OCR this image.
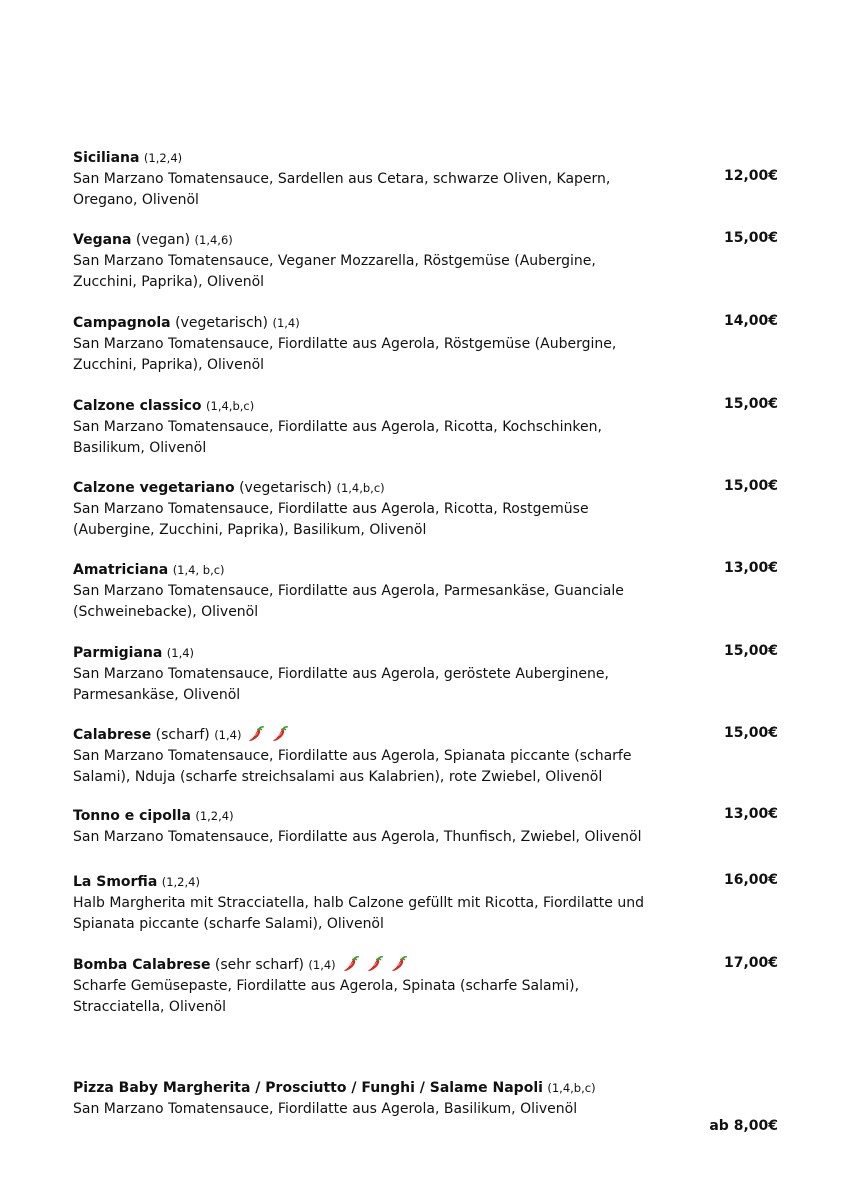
Siciliana (1,2,4)
San Marzano Tomatensauce, Sardellen aus Cetara, schwarze Oliven, Kapern, Oregano, Olivenöl
12,00€
Vegana (vegan) (1,4,6)
San Marzano Tomatensauce, Veganer Mozzarella, Röstgemüse (Aubergine, Zucchini, Paprika), Olivenöl
15,00€
Campagnola (vegetarisch) (1,4)
San Marzano Tomatensauce, Fiordilatte aus Agerola, Röstgemüse (Aubergine, Zucchini, Paprika), Olivenöl
14,00€
Calzone classico (1,4,b,c)
San Marzano Tomatensauce, Fiordilatte aus Agerola, Ricotta, Kochschinken, Basilikum, Olivenöl
15,00€
Calzone vegetariano (vegetarisch) (1,4,b,c)
San Marzano Tomatensauce, Fiordilatte aus Agerola, Ricotta, Rostgemüse (Aubergine, Zucchini, Paprika), Basilikum, Olivenöl
15,00€
Amatriciana (1,4, b,c)
San Marzano Tomatensauce, Fiordilatte aus Agerola, Parmesankäse, Guanciale (Schweinebacke), Olivenöl
13,00€
Parmigiana (1,4)
San Marzano Tomatensauce, Fiordilatte aus Agerola, geröstete Auberginene, Parmesankäse, Olivenöl
15,00€
Calabrese (scharf) (1,4)
San Marzano Tomatensauce, Fiordilatte aus Agerola, Spianata piccante (scharfe Salami), Nduja (scharfe streichsalami aus Kalabrien), rote Zwiebel, Olivenöl
15,00€
Tonno e cipolla (1,2,4)
San Marzano Tomatensauce, Fiordilatte aus Agerola, Thunfisch, Zwiebel, Olivenöl
13,00€
La Smorfia (1,2,4)
Halb Margherita mit Stracciatella, halb Calzone gefüllt mit Ricotta, Fiordilatte und Spianata piccante (scharfe Salami), Olivenöl
16,00€
Bomba Calabrese (sehr scharf) (1,4)
Scharfe Gemüsepaste, Fiordilatte aus Agerola, Spinata (scharfe Salami), Stracciatella, Olivenöl
17,00€
Pizza Baby Margherita / Prosciutto / Funghi / Salame Napoli (1,4,b,c)
San Marzano Tomatensauce, Fiordilatte aus Agerola, Basilikum, Olivenöl
ab 8,00€
